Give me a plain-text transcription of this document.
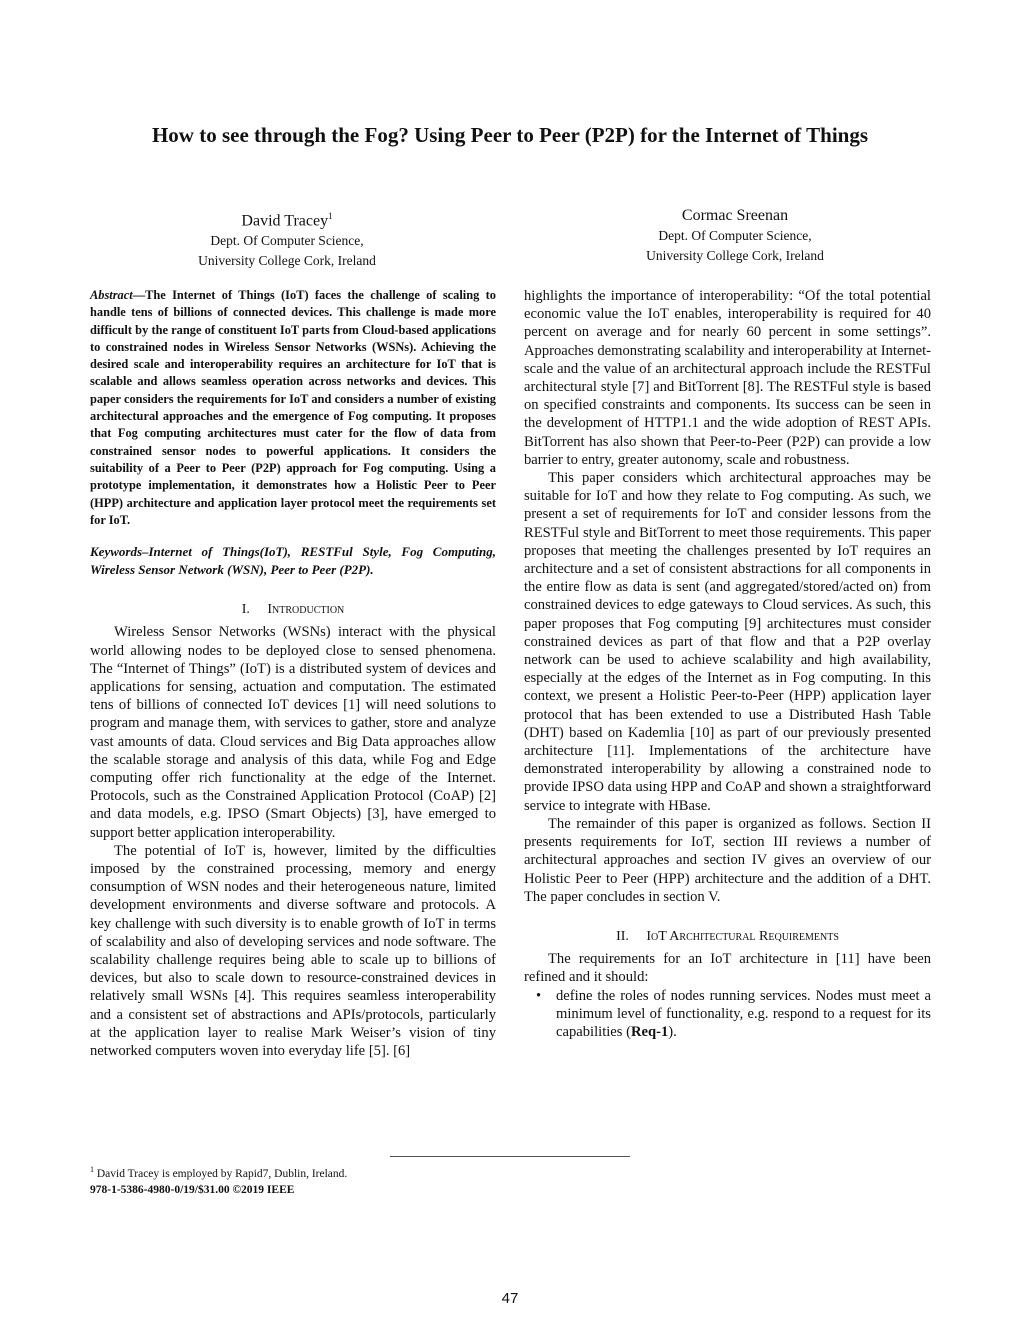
How to see through the Fog? Using Peer to Peer (P2P) for the Internet of Things
David Tracey$^1$
Dept. Of Computer Science,
University College Cork, Ireland
Cormac Sreenan
Dept. Of Computer Science,
University College Cork, Ireland

Abstract—The Internet of Things (IoT) faces the challenge of scaling to handle tens of billions of connected devices. This challenge is made more difficult by the range of constituent IoT parts from Cloud-based applications to constrained nodes in Wireless Sensor Networks (WSNs). Achieving the desired scale and interoperability requires an architecture for IoT that is scalable and allows seamless operation across networks and devices. This paper considers the requirements for IoT and considers a number of existing architectural approaches and the emergence of Fog computing. It proposes that Fog computing architectures must cater for the flow of data from constrained sensor nodes to powerful applications. It considers the suitability of a Peer to Peer (P2P) approach for Fog computing. Using a prototype implementation, it demonstrates how a Holistic Peer to Peer (HPP) architecture and application layer protocol meet the requirements set for IoT.

Keywords–Internet of Things(IoT), RESTFul Style, Fog Computing, Wireless Sensor Network (WSN), Peer to Peer (P2P).

I. Introduction

Wireless Sensor Networks (WSNs) interact with the physical world allowing nodes to be deployed close to sensed phenomena. The “Internet of Things” (IoT) is a distributed system of devices and applications for sensing, actuation and computation. The estimated tens of billions of connected IoT devices [1] will need solutions to program and manage them, with services to gather, store and analyze vast amounts of data. Cloud services and Big Data approaches allow the scalable storage and analysis of this data, while Fog and Edge computing offer rich functionality at the edge of the Internet. Protocols, such as the Constrained Application Protocol (CoAP) [2] and data models, e.g. IPSO (Smart Objects) [3], have emerged to support better application interoperability.

The potential of IoT is, however, limited by the difficulties imposed by the constrained processing, memory and energy consumption of WSN nodes and their heterogeneous nature, limited development environments and diverse software and protocols. A key challenge with such diversity is to enable growth of IoT in terms of scalability and also of developing services and node software. The scalability challenge requires being able to scale up to billions of devices, but also to scale down to resource-constrained devices in relatively small WSNs [4]. This requires seamless interoperability and a consistent set of abstractions and APIs/protocols, particularly at the application layer to realise Mark Weiser’s vision of tiny networked computers woven into everyday life [5]. [6]

highlights the importance of interoperability: “Of the total potential economic value the IoT enables, interoperability is required for 40 percent on average and for nearly 60 percent in some settings”. Approaches demonstrating scalability and interoperability at Internet-scale and the value of an architectural approach include the RESTFul architectural style [7] and BitTorrent [8]. The RESTFul style is based on specified constraints and components. Its success can be seen in the development of HTTP1.1 and the wide adoption of REST APIs. BitTorrent has also shown that Peer-to-Peer (P2P) can provide a low barrier to entry, greater autonomy, scale and robustness.

This paper considers which architectural approaches may be suitable for IoT and how they relate to Fog computing. As such, we present a set of requirements for IoT and consider lessons from the RESTFul style and BitTorrent to meet those requirements. This paper proposes that meeting the challenges presented by IoT requires an architecture and a set of consistent abstractions for all components in the entire flow as data is sent (and aggregated/stored/acted on) from constrained devices to edge gateways to Cloud services. As such, this paper proposes that Fog computing [9] architectures must consider constrained devices as part of that flow and that a P2P overlay network can be used to achieve scalability and high availability, especially at the edges of the Internet as in Fog computing. In this context, we present a Holistic Peer-to-Peer (HPP) application layer protocol that has been extended to use a Distributed Hash Table (DHT) based on Kademlia [10] as part of our previously presented architecture [11]. Implementations of the architecture have demonstrated interoperability by allowing a constrained node to provide IPSO data using HPP and CoAP and shown a straightforward service to integrate with HBase.

The remainder of this paper is organized as follows. Section II presents requirements for IoT, section III reviews a number of architectural approaches and section IV gives an overview of our Holistic Peer to Peer (HPP) architecture and the addition of a DHT. The paper concludes in section V.

II. IoT Architectural Requirements

The requirements for an IoT architecture in [11] have been refined and it should:

• define the roles of nodes running services. Nodes must meet a minimum level of functionality, e.g. respond to a request for its capabilities (Req-1).
$^1$ David Tracey is employed by Rapid7, Dublin, Ireland.
978-1-5386-4980-0/19/$31.00 ©2019 IEEE
47
